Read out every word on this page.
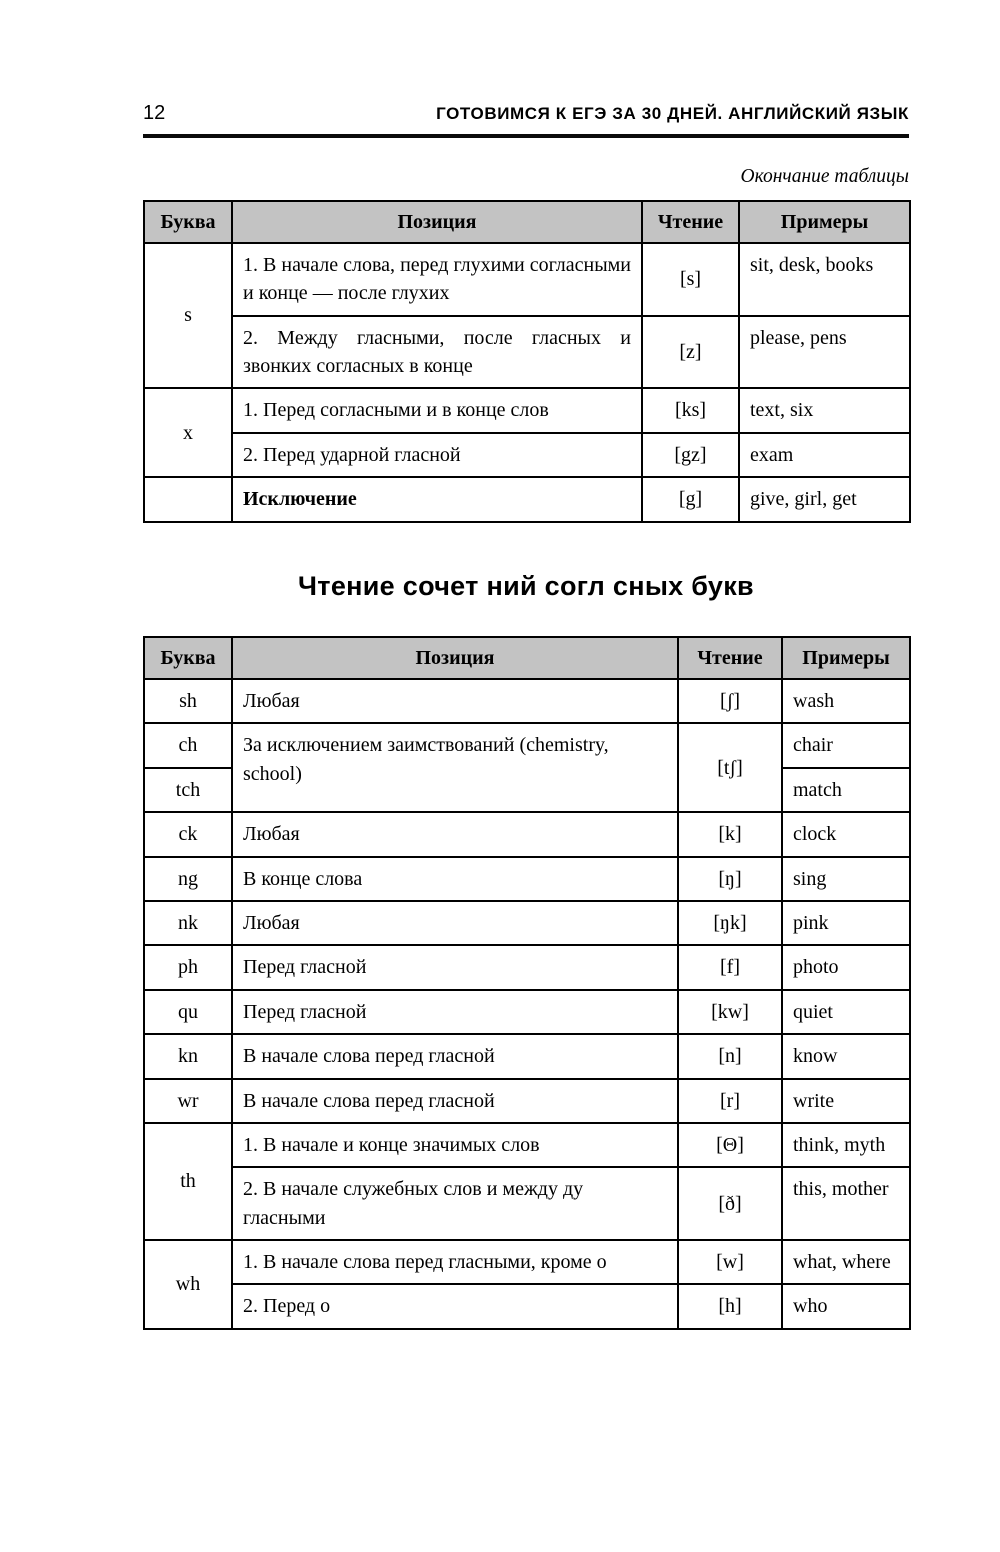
12	ГОТОВИМСЯ К ЕГЭ ЗА 30 ДНЕЙ. АНГЛИЙСКИЙ ЯЗЫК
Окончание таблицы
Буква	Позиция	Чтение	Примеры
s	1. В начале слова, перед глухими согласными и конце — после глухих	[s]	sit, desk, books
	2. Между гласными, после гласных и звонких согласных в конце	[z]	please, pens
x	1. Перед согласными и в конце слов	[ks]	text, six
	2. Перед ударной гласной	[gz]	exam
	Исключение	[g]	give, girl, get
Чтение сочет ний согл сных букв
Буква	Позиция	Чтение	Примеры
sh	Любая	[ʃ]	wash
ch	За исключением заимствований (chemistry, school)	[tʃ]	chair
tch			match
ck	Любая	[k]	clock
ng	В конце слова	[ŋ]	sing
nk	Любая	[ŋk]	pink
ph	Перед гласной	[f]	photo
qu	Перед гласной	[kw]	quiet
kn	В начале слова перед гласной	[n]	know
wr	В начале слова перед гласной	[r]	write
th	1. В начале и конце значимых слов	[Θ]	think, myth
	2. В начале служебных слов и между ду гласными	[ð]	this, mother
wh	1. В начале слова перед гласными, кроме o	[w]	what, where
	2. Перед o	[h]	who
